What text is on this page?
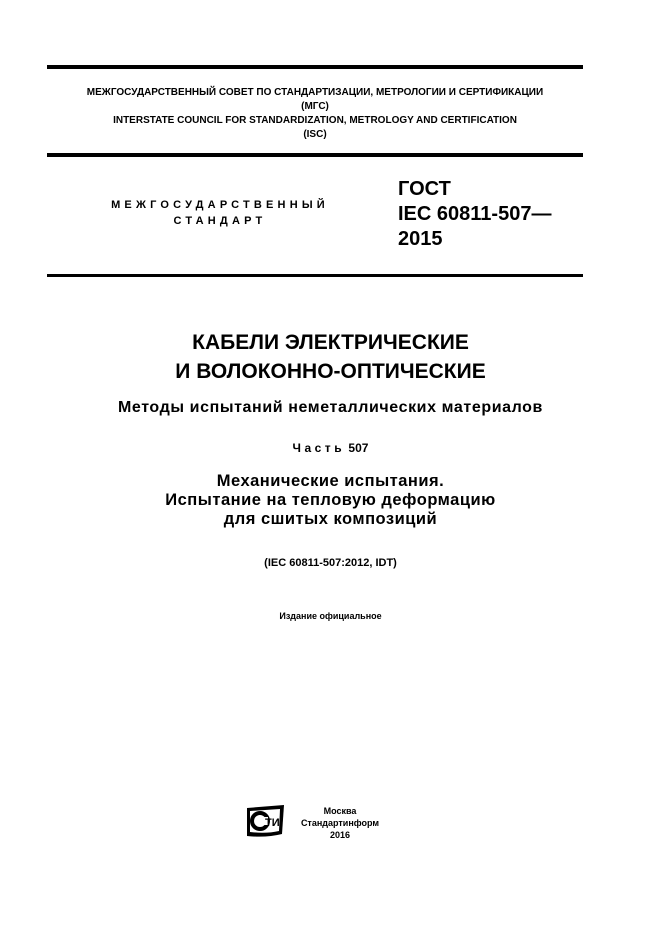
МЕЖГОСУДАРСТВЕННЫЙ СОВЕТ ПО СТАНДАРТИЗАЦИИ, МЕТРОЛОГИИ И СЕРТИФИКАЦИИ
(МГС)
INTERSTATE COUNCIL FOR STANDARDIZATION, METROLOGY AND CERTIFICATION
(ISC)
МЕЖГОСУДАРСТВЕННЫЙ
СТАНДАРТ
ГОСТ
IEC 60811-507—
2015
КАБЕЛИ ЭЛЕКТРИЧЕСКИЕ
И ВОЛОКОННО-ОПТИЧЕСКИЕ
Методы испытаний неметаллических материалов
Часть 507
Механические испытания.
Испытание на тепловую деформацию
для сшитых композиций
(IEC 60811-507:2012, IDT)
Издание официальное
ТИ
Москва
Стандартинформ
2016
